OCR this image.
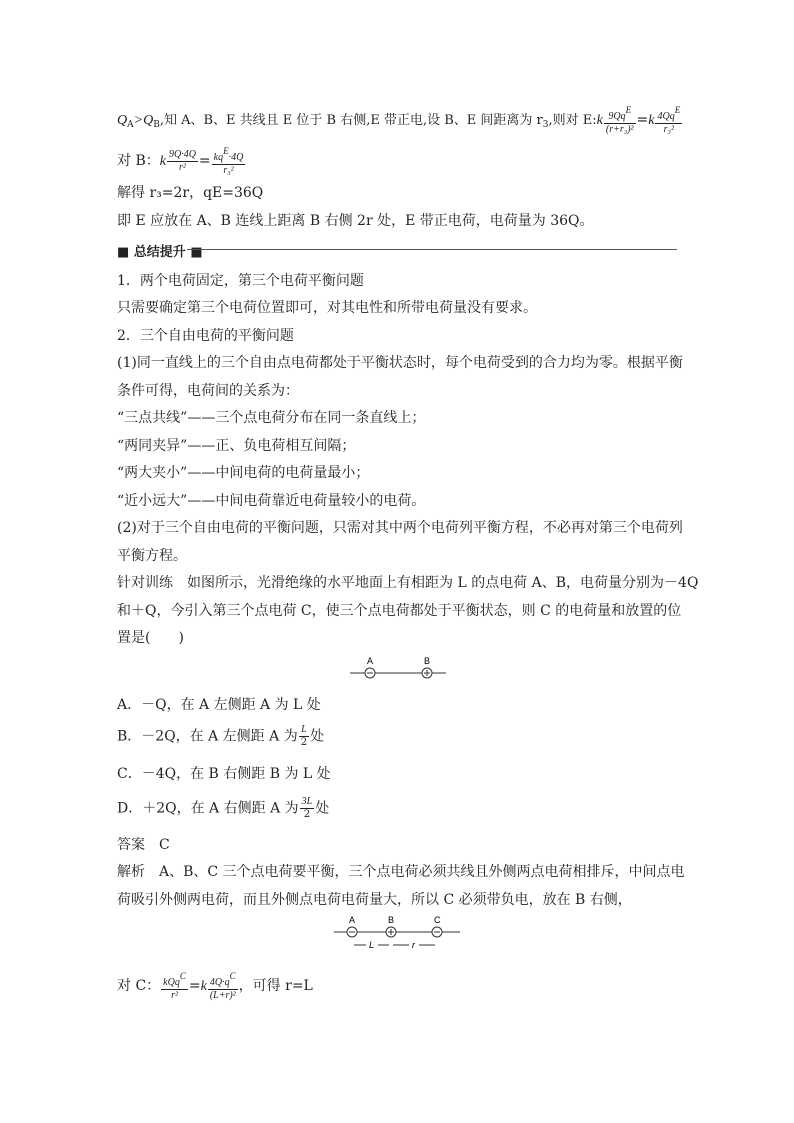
$Q_A>Q_B$,知 A、B、E 共线且 E 位于 B 右侧,E 带正电,设 B、E 间距离为 $r_3$,则对 E:k $\frac{\text{9QqE}}{\text{(r+r₃)²}} =k \frac{\text{4QqE}}{\text{r₃²}}$
对 B：k $\frac{9Q\cdot 4Q}{\text{r²}} = \frac{\text{kqE·4Q}}{\text{r₃²}}$
解得 r₃=2r，qE=36Q
即 E 应放在 A、B 连线上距离 B 右侧 2r 处，E 带正电荷，电荷量为 36Q。
■ 总结提升 ■
1．两个电荷固定，第三个电荷平衡问题
只需要确定第三个电荷位置即可，对其电性和所带电荷量没有要求。
2．三个自由电荷的平衡问题
(1)同一直线上的三个自由点电荷都处于平衡状态时，每个电荷受到的合力均为零。根据平衡
条件可得，电荷间的关系为：
“三点共线”——三个点电荷分布在同一条直线上；
“两同夹异”——正、负电荷相互间隔；
“两大夹小”——中间电荷的电荷量最小；
“近小远大”——中间电荷靠近电荷量较小的电荷。
(2)对于三个自由电荷的平衡问题，只需对其中两个电荷列平衡方程，不必再对第三个电荷列
平衡方程。
针对训练　如图所示，光滑绝缘的水平地面上有相距为 L 的点电荷 A、B，电荷量分别为－4Q
和＋Q，今引入第三个点电荷 C，使三个点电荷都处于平衡状态，则 C 的电荷量和放置的位
置是(　　)
A	B
A．－Q，在 A 左侧距 A 为 L 处
B．－2Q，在 A 左侧距 A 为 $\frac{L}{2}$ 处
C．－4Q，在 B 右侧距 B 为 L 处
D．＋2Q，在 A 右侧距 A 为 $\frac{3L}{2}$ 处
答案　C
解析　A、B、C 三个点电荷要平衡，三个点电荷必须共线且外侧两点电荷相排斥，中间点电
荷吸引外侧两电荷，而且外侧点电荷电荷量大，所以 C 必须带负电，放在 B 右侧，
A	B	C
L	r
对 C： $\frac{\text{kQqC}}{\text{r²}} =k \frac{4Q\cdot qC}{\text{(L+r)²}}$ ，可得 r=L
